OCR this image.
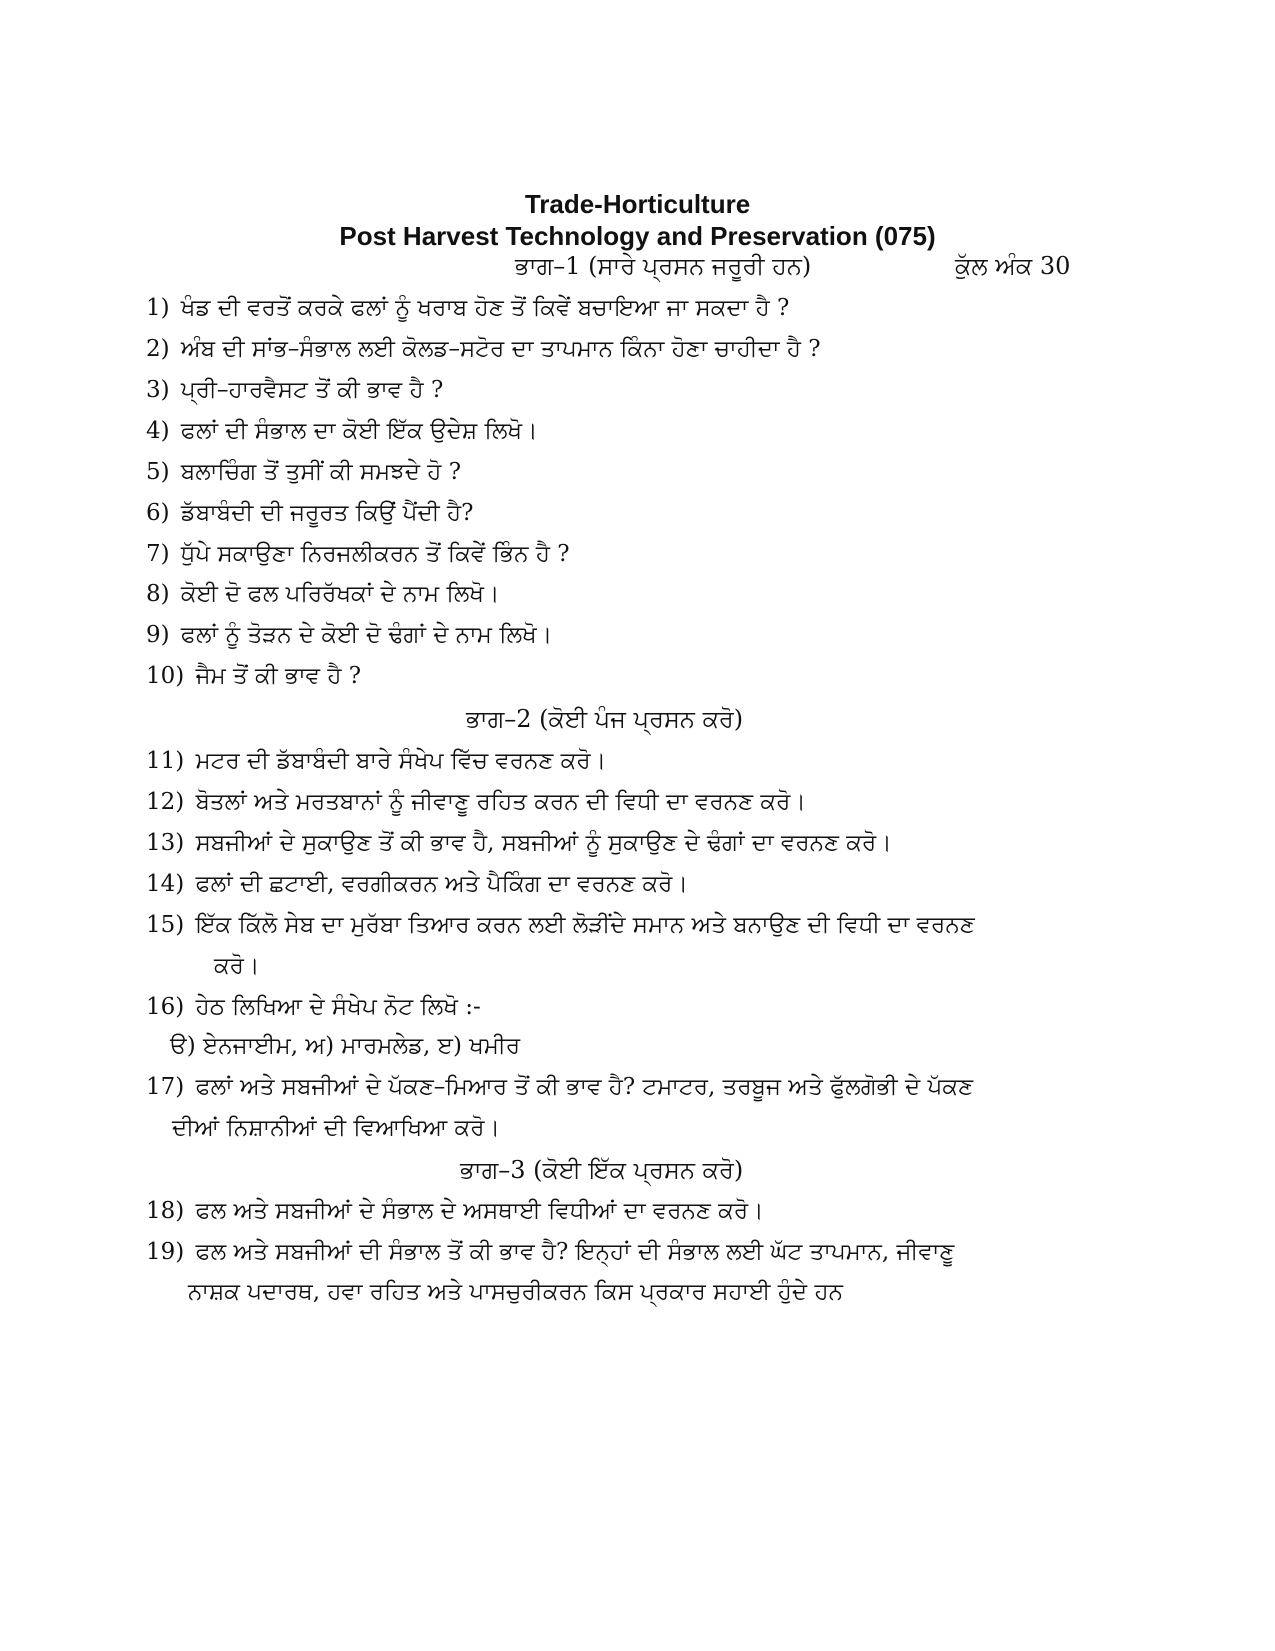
Trade-Horticulture
Post Harvest Technology and Preservation (075)
ਭਾਗ–1 (ਸਾਰੇ ਪ੍ਰਸਨ ਜਰੂਰੀ ਹਨ)	ਕੁੱਲ ਅੰਕ 30
1) ਖੰਡ ਦੀ ਵਰਤੋਂ ਕਰਕੇ ਫਲਾਂ ਨੂੰ ਖਰਾਬ ਹੋਣ ਤੋਂ ਕਿਵੇਂ ਬਚਾਇਆ ਜਾ ਸਕਦਾ ਹੈ ?
2) ਅੰਬ ਦੀ ਸਾਂਭ–ਸੰਭਾਲ ਲਈ ਕੋਲਡ–ਸਟੋਰ ਦਾ ਤਾਪਮਾਨ ਕਿੰਨਾ ਹੋਣਾ ਚਾਹੀਦਾ ਹੈ ?
3) ਪ੍ਰੀ–ਹਾਰਵੈਸਟ ਤੋਂ ਕੀ ਭਾਵ ਹੈ ?
4) ਫਲਾਂ ਦੀ ਸੰਭਾਲ ਦਾ ਕੋਈ ਇੱਕ ਉਦੇਸ਼ ਲਿਖੋ।
5) ਬਲਾਚਿੰਗ ਤੋਂ ਤੁਸੀਂ ਕੀ ਸਮਝਦੇ ਹੋ ?
6) ਡੱਬਾਬੰਦੀ ਦੀ ਜਰੂਰਤ ਕਿਉਂ ਪੈਂਦੀ ਹੈ?
7) ਧੁੱਪੇ ਸਕਾਉਣਾ ਨਿਰਜਲੀਕਰਨ ਤੋਂ ਕਿਵੇਂ ਭਿੰਨ ਹੈ ?
8) ਕੋਈ ਦੋ ਫਲ ਪਰਿਰੱਖਕਾਂ ਦੇ ਨਾਮ ਲਿਖੋ।
9) ਫਲਾਂ ਨੂੰ ਤੋੜਨ ਦੇ ਕੋਈ ਦੋ ਢੰਗਾਂ ਦੇ ਨਾਮ ਲਿਖੋ।
10) ਜੈਮ ਤੋਂ ਕੀ ਭਾਵ ਹੈ ?
ਭਾਗ–2 (ਕੋਈ ਪੰਜ ਪ੍ਰਸਨ ਕਰੋ)
11) ਮਟਰ ਦੀ ਡੱਬਾਬੰਦੀ ਬਾਰੇ ਸੰਖੇਪ ਵਿੱਚ ਵਰਨਣ ਕਰੋ।
12) ਬੋਤਲਾਂ ਅਤੇ ਮਰਤਬਾਨਾਂ ਨੂੰ ਜੀਵਾਣੂ ਰਹਿਤ ਕਰਨ ਦੀ ਵਿਧੀ ਦਾ ਵਰਨਣ ਕਰੋ।
13) ਸਬਜੀਆਂ ਦੇ ਸੁਕਾਉਣ ਤੋਂ ਕੀ ਭਾਵ ਹੈ, ਸਬਜੀਆਂ ਨੂੰ ਸੁਕਾਉਣ ਦੇ ਢੰਗਾਂ ਦਾ ਵਰਨਣ ਕਰੋ।
14) ਫਲਾਂ ਦੀ ਛਟਾਈ, ਵਰਗੀਕਰਨ ਅਤੇ ਪੈਕਿੰਗ ਦਾ ਵਰਨਣ ਕਰੋ।
15) ਇੱਕ ਕਿੱਲੋ ਸੇਬ ਦਾ ਮੁਰੱਬਾ ਤਿਆਰ ਕਰਨ ਲਈ ਲੋੜੀਂਦੇ ਸਮਾਨ ਅਤੇ ਬਨਾਉਣ ਦੀ ਵਿਧੀ ਦਾ ਵਰਨਣ
ਕਰੋ।
16) ਹੇਠ ਲਿਖਿਆ ਦੇ ਸੰਖੇਪ ਨੋਟ ਲਿਖੋ :-
ੳ) ਏਨਜਾਈਮ, ਅ) ਮਾਰਮਲੇਡ, ੲ) ਖਮੀਰ
17) ਫਲਾਂ ਅਤੇ ਸਬਜੀਆਂ ਦੇ ਪੱਕਣ–ਮਿਆਰ ਤੋਂ ਕੀ ਭਾਵ ਹੈ? ਟਮਾਟਰ, ਤਰਬੂਜ ਅਤੇ ਫੁੱਲਗੋਭੀ ਦੇ ਪੱਕਣ
ਦੀਆਂ ਨਿਸ਼ਾਨੀਆਂ ਦੀ ਵਿਆਖਿਆ ਕਰੋ।
ਭਾਗ–3 (ਕੋਈ ਇੱਕ ਪ੍ਰਸਨ ਕਰੋ)
18) ਫਲ ਅਤੇ ਸਬਜੀਆਂ ਦੇ ਸੰਭਾਲ ਦੇ ਅਸਥਾਈ ਵਿਧੀਆਂ ਦਾ ਵਰਨਣ ਕਰੋ।
19) ਫਲ ਅਤੇ ਸਬਜੀਆਂ ਦੀ ਸੰਭਾਲ ਤੋਂ ਕੀ ਭਾਵ ਹੈ? ਇਨ੍ਹਾਂ ਦੀ ਸੰਭਾਲ ਲਈ ਘੱਟ ਤਾਪਮਾਨ, ਜੀਵਾਣੂ
ਨਾਸ਼ਕ ਪਦਾਰਥ, ਹਵਾ ਰਹਿਤ ਅਤੇ ਪਾਸਚੁਰੀਕਰਨ ਕਿਸ ਪ੍ਰਕਾਰ ਸਹਾਈ ਹੁੰਦੇ ਹਨ
